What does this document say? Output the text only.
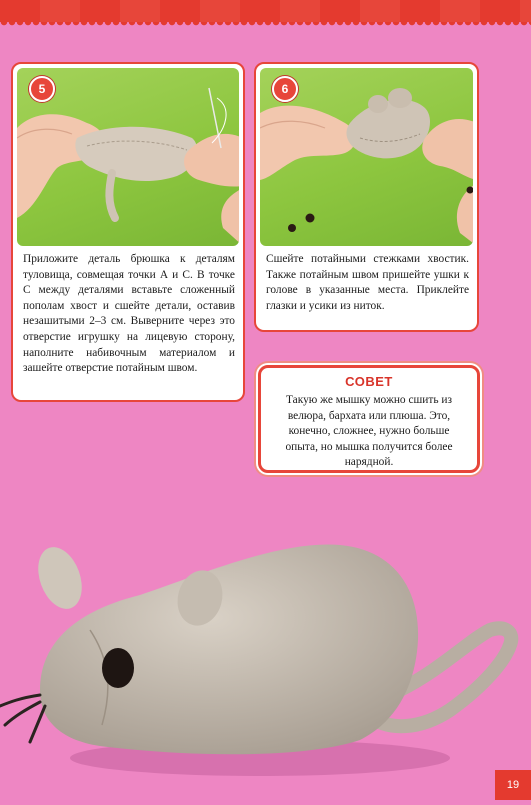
5

Приложите деталь брюшка к деталям туловища, совмещая точки А и С. В точке С между деталями вставьте сложенный пополам хвост и сшейте детали, оставив незашитыми 2–3 см. Выверните через это отверстие игрушку на лицевую сторону, наполните набивочным материалом и зашейте отверстие потайным швом.

6

Сшейте потайными стежками хвостик. Также потайным швом пришейте ушки к голове в указанные места. Приклейте глазки и усики из ниток.

СОВЕТ

Такую же мышку можно сшить из велюра, бархата или плюша. Это, конечно, сложнее, нужно больше опыта, но мышка получится более нарядной.

19
